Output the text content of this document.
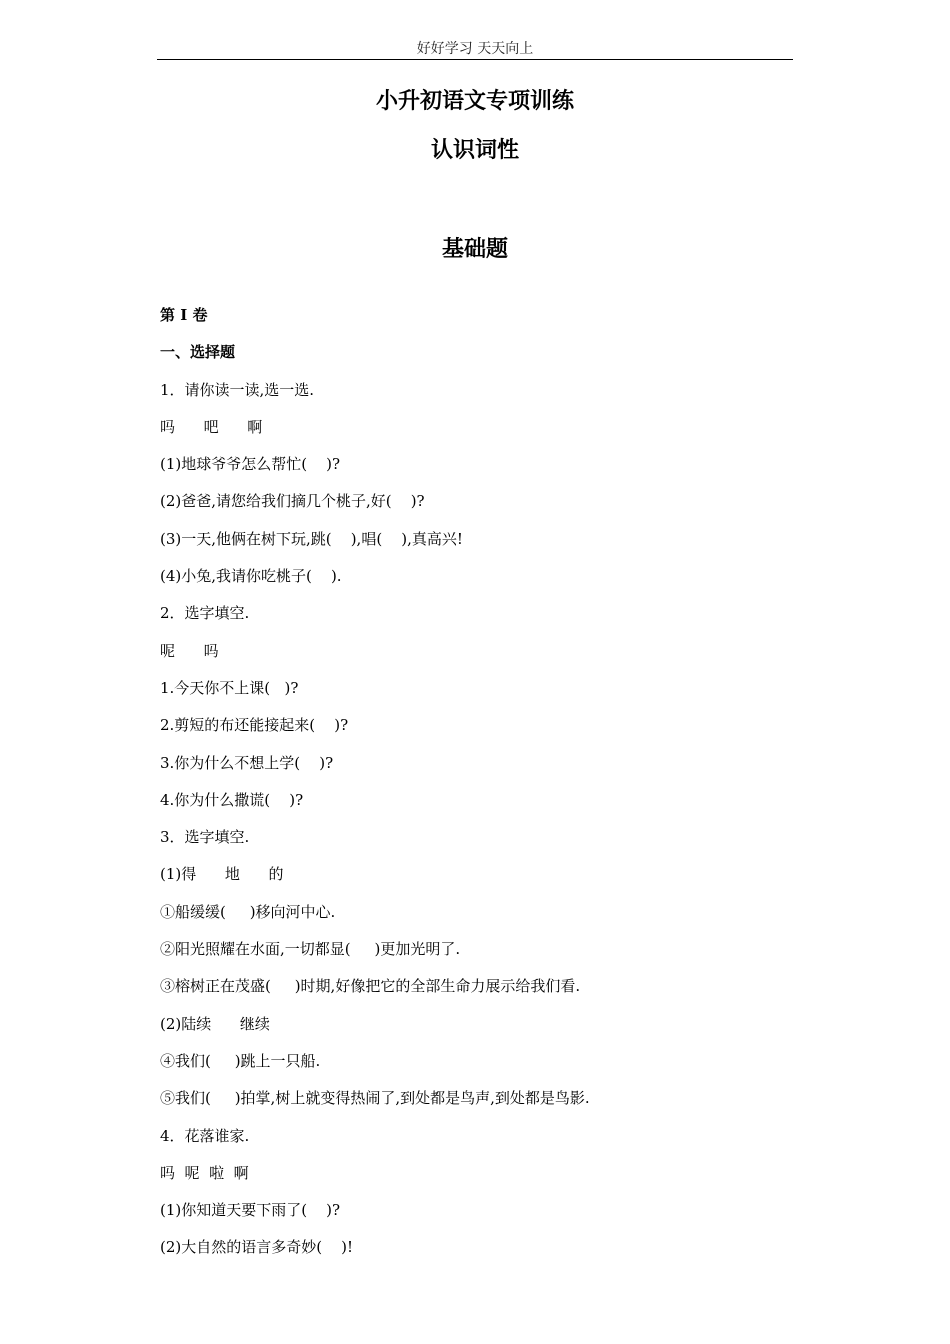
好好学习 天天向上
小升初语文专项训练
认识词性
基础题
第 I 卷
一、选择题
1．请你读一读,选一选.
吗      吧      啊
(1)地球爷爷怎么帮忙(    )?
(2)爸爸,请您给我们摘几个桃子,好(    )?
(3)一天,他俩在树下玩,跳(    ),唱(    ),真高兴!
(4)小兔,我请你吃桃子(    ).
2．选字填空.
呢      吗
1.今天你不上课(   )?
2.剪短的布还能接起来(    )?
3.你为什么不想上学(    )?
4.你为什么撒谎(    )?
3．选字填空.
(1)得      地      的
①船缓缓(     )移向河中心.
②阳光照耀在水面,一切都显(     )更加光明了.
③榕树正在茂盛(     )时期,好像把它的全部生命力展示给我们看.
(2)陆续      继续
④我们(     )跳上一只船.
⑤我们(     )拍掌,树上就变得热闹了,到处都是鸟声,到处都是鸟影.
4．花落谁家.
吗  呢  啦  啊
(1)你知道天要下雨了(    )?
(2)大自然的语言多奇妙(    )!
